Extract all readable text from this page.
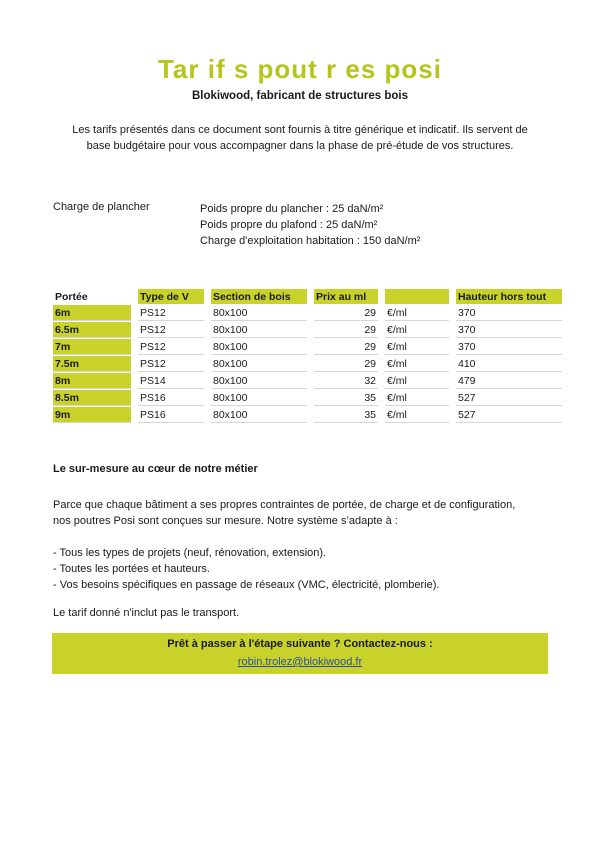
Tar if s pout r es posi
Blokiwood, fabricant de structures bois
Les tarifs présentés dans ce document sont fournis à titre générique et indicatif. Ils servent de
base budgétaire pour vous accompagner dans la phase de pré-étude de vos structures.
Charge de plancher	Poids propre du plancher : 25 daN/m²
Poids propre du plafond : 25 daN/m²
Charge d'exploitation habitation : 150 daN/m²
Portée		Type de V		Section de bois		Prix au ml				Hauteur hors tout
6m		PS12		80x100		29		€/ml		370
6.5m		PS12		80x100		29		€/ml		370
7m		PS12		80x100		29		€/ml		370
7.5m		PS12		80x100		29		€/ml		410
8m		PS14		80x100		32		€/ml		479
8.5m		PS16		80x100		35		€/ml		527
9m		PS16		80x100		35		€/ml		527
Le sur-mesure au cœur de notre métier
Parce que chaque bâtiment a ses propres contraintes de portée, de charge et de configuration,
nos poutres Posi sont conçues sur mesure. Notre système s’adapte à :
- Tous les types de projets (neuf, rénovation, extension).
- Toutes les portées et hauteurs.
- Vos besoins spécifiques en passage de réseaux (VMC, électricité, plomberie).
Le tarif donné n'inclut pas le transport.
Prêt à passer à l'étape suivante ? Contactez-nous :
robin.trolez@blokiwood.fr
